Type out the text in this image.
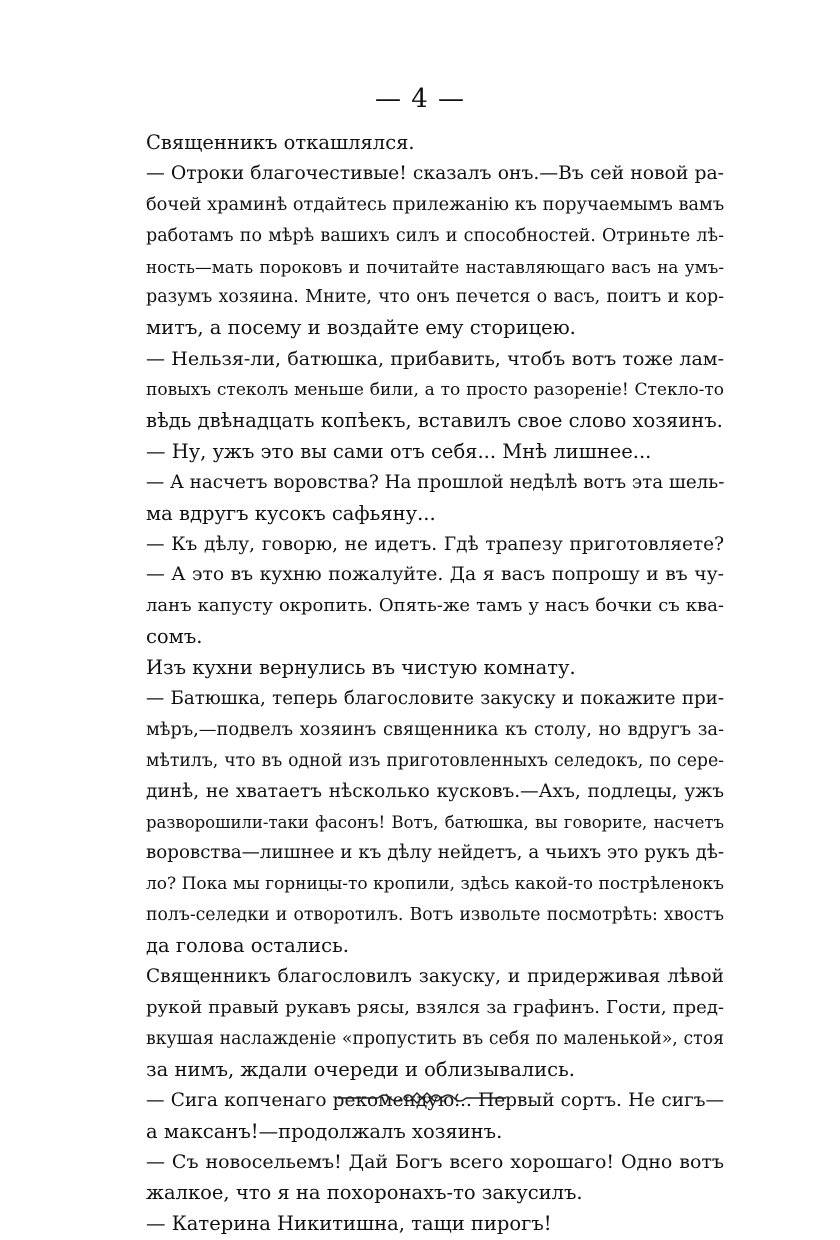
— 4 —
Священникъ откашлялся.
— Отроки благочестивые! сказалъ онъ.—Въ сей новой ра-
бочей храминѣ отдайтесь прилежанію къ поручаемымъ вамъ
работамъ по мѣрѣ вашихъ силъ и способностей. Отриньте лѣ-
ность—мать пороковъ и почитайте наставляющаго васъ на умъ-
разумъ хозяина. Мните, что онъ печется о васъ, поитъ и кор-
митъ, а посему и воздайте ему сторицею.
— Нельзя-ли, батюшка, прибавить, чтобъ вотъ тоже лам-
повыхъ стеколъ меньше били, а то просто разореніе! Стекло-то
вѣдь двѣнадцать копѣекъ, вставилъ свое слово хозяинъ.
— Ну, ужъ это вы сами отъ себя... Мнѣ лишнее...
— А насчетъ воровства? На прошлой недѣлѣ вотъ эта шель-
ма вдругъ кусокъ сафьяну...
— Къ дѣлу, говорю, не идетъ. Гдѣ трапезу приготовляете?
— А это въ кухню пожалуйте. Да я васъ попрошу и въ чу-
ланъ капусту окропить. Опять-же тамъ у насъ бочки съ ква-
сомъ.
Изъ кухни вернулись въ чистую комнату.
— Батюшка, теперь благословите закуску и покажите при-
мѣръ,—подвелъ хозяинъ священника къ столу, но вдругъ за-
мѣтилъ, что въ одной изъ приготовленныхъ селедокъ, по сере-
динѣ, не хватаетъ нѣсколько кусковъ.—Ахъ, подлецы, ужъ
разворошили-таки фасонъ! Вотъ, батюшка, вы говорите, насчетъ
воровства—лишнее и къ дѣлу нейдетъ, а чьихъ это рукъ дѣ-
ло? Пока мы горницы-то кропили, здѣсь какой-то пострѣленокъ
полъ-селедки и отворотилъ. Вотъ извольте посмотрѣть: хвостъ
да голова остались.
Священникъ благословилъ закуску, и придерживая лѣвой
рукой правый рукавъ рясы, взялся за графинъ. Гости, пред-
вкушая наслажденіе «пропустить въ себя по маленькой», стоя
за нимъ, ждали очереди и облизывались.
— Сига копченаго рекомендую... Первый сортъ. Не сигъ—
а максанъ!—продолжалъ хозяинъ.
— Съ новосельемъ! Дай Богъ всего хорошаго! Одно вотъ
жалкое, что я на похоронахъ-то закусилъ.
— Катерина Никитишна, тащи пирогъ!
